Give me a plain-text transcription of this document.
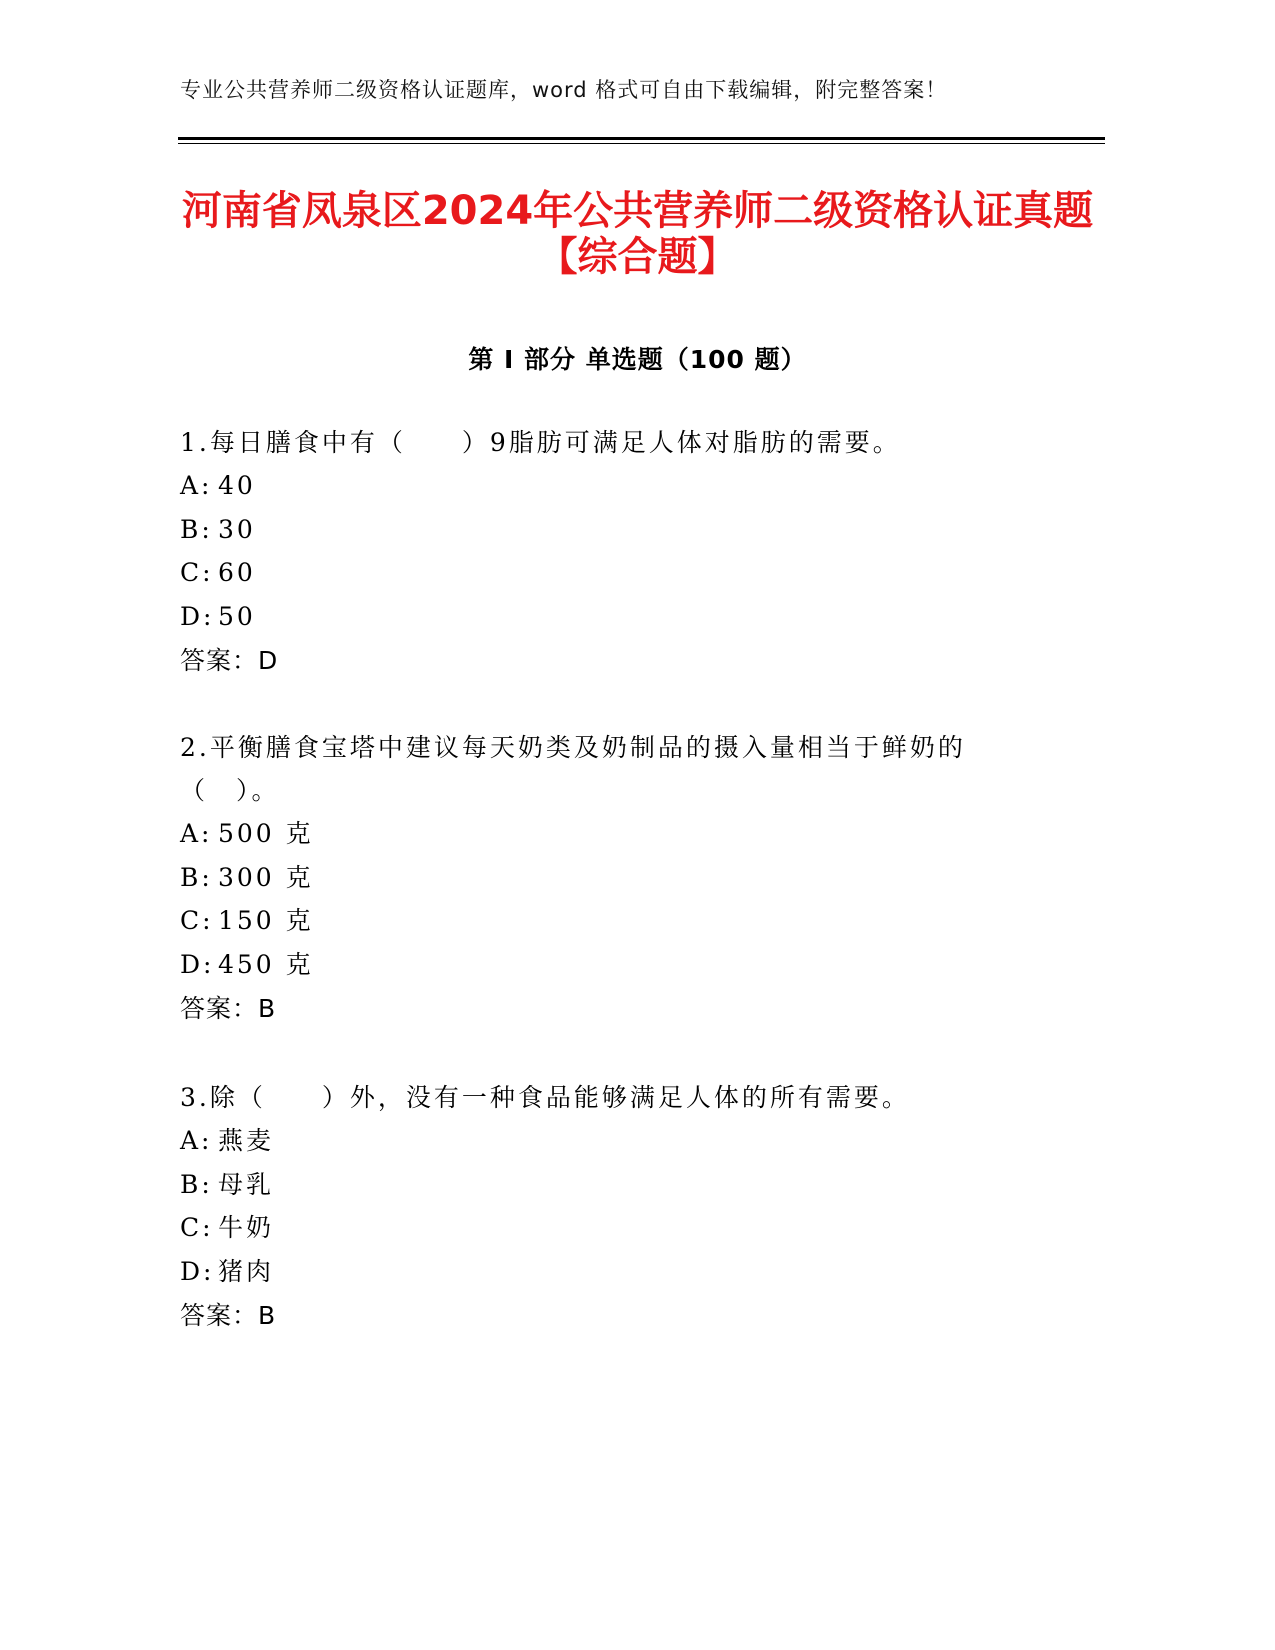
专业公共营养师二级资格认证题库，word 格式可自由下载编辑，附完整答案！
河南省凤泉区2024年公共营养师二级资格认证真题【综合题】
第 I 部分 单选题（100 题）

1.每日膳食中有（　　）9脂肪可满足人体对脂肪的需要。

A: 40

B: 30

C: 60

D: 50

答案：D

2.平衡膳食宝塔中建议每天奶类及奶制品的摄入量相当于鲜奶的（　）。

A: 500 克

B: 300 克

C: 150 克

D: 450 克

答案：B

3.除（　　）外，没有一种食品能够满足人体的所有需要。

A: 燕麦

B: 母乳

C: 牛奶

D: 猪肉

答案：B
